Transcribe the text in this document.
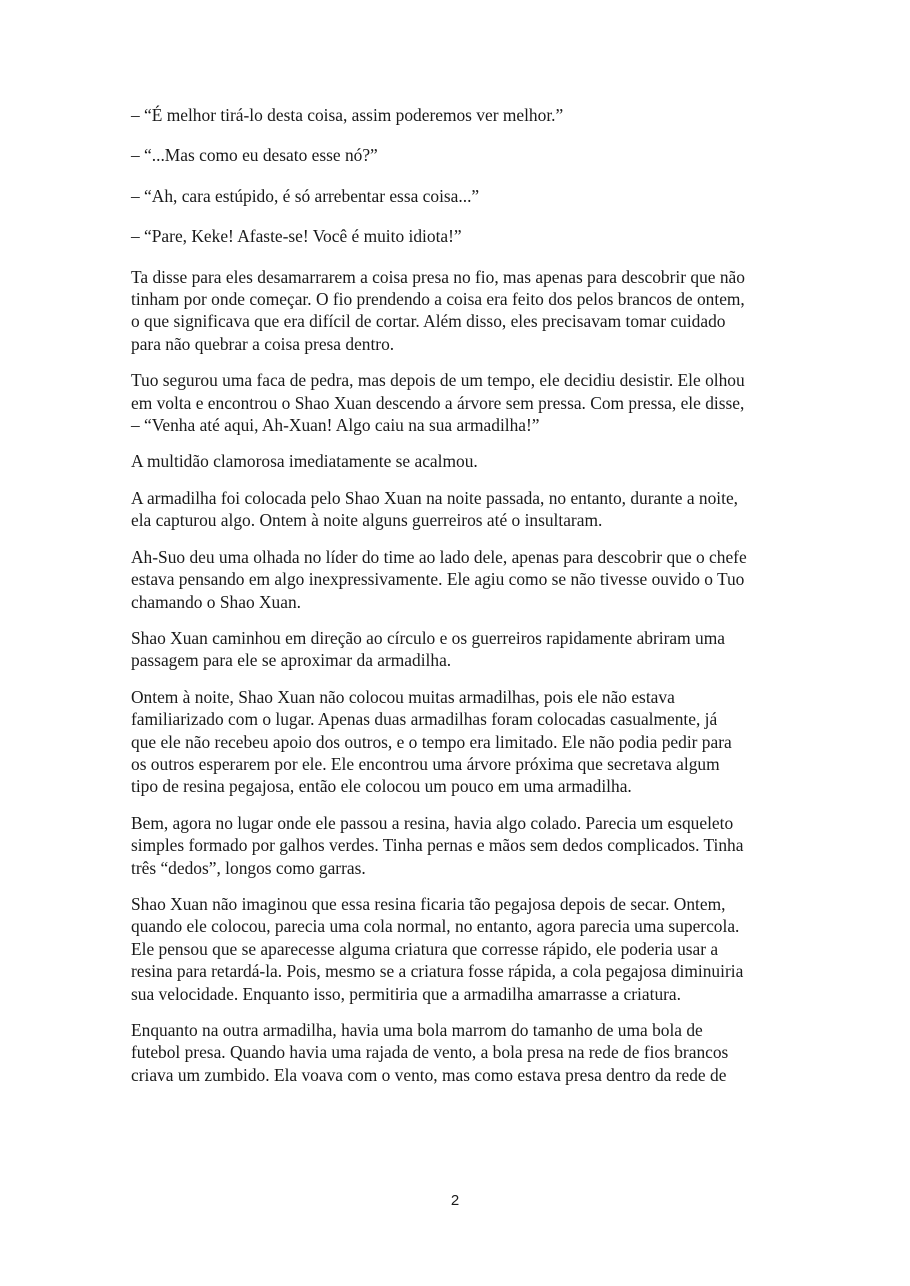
– “É melhor tirá-lo desta coisa, assim poderemos ver melhor.”

– “...Mas como eu desato esse nó?”

– “Ah, cara estúpido, é só arrebentar essa coisa...”

– “Pare, Keke! Afaste-se! Você é muito idiota!”

Ta disse para eles desamarrarem a coisa presa no fio, mas apenas para descobrir que não
tinham por onde começar. O fio prendendo a coisa era feito dos pelos brancos de ontem,
o que significava que era difícil de cortar. Além disso, eles precisavam tomar cuidado
para não quebrar a coisa presa dentro.

Tuo segurou uma faca de pedra, mas depois de um tempo, ele decidiu desistir. Ele olhou
em volta e encontrou o Shao Xuan descendo a árvore sem pressa. Com pressa, ele disse,
– “Venha até aqui, Ah-Xuan! Algo caiu na sua armadilha!”

A multidão clamorosa imediatamente se acalmou.

A armadilha foi colocada pelo Shao Xuan na noite passada, no entanto, durante a noite,
ela capturou algo. Ontem à noite alguns guerreiros até o insultaram.

Ah-Suo deu uma olhada no líder do time ao lado dele, apenas para descobrir que o chefe
estava pensando em algo inexpressivamente. Ele agiu como se não tivesse ouvido o Tuo
chamando o Shao Xuan.

Shao Xuan caminhou em direção ao círculo e os guerreiros rapidamente abriram uma
passagem para ele se aproximar da armadilha.

Ontem à noite, Shao Xuan não colocou muitas armadilhas, pois ele não estava
familiarizado com o lugar. Apenas duas armadilhas foram colocadas casualmente, já
que ele não recebeu apoio dos outros, e o tempo era limitado. Ele não podia pedir para
os outros esperarem por ele. Ele encontrou uma árvore próxima que secretava algum
tipo de resina pegajosa, então ele colocou um pouco em uma armadilha.

Bem, agora no lugar onde ele passou a resina, havia algo colado. Parecia um esqueleto
simples formado por galhos verdes. Tinha pernas e mãos sem dedos complicados. Tinha
três “dedos”, longos como garras.

Shao Xuan não imaginou que essa resina ficaria tão pegajosa depois de secar. Ontem,
quando ele colocou, parecia uma cola normal, no entanto, agora parecia uma supercola.
Ele pensou que se aparecesse alguma criatura que corresse rápido, ele poderia usar a
resina para retardá-la. Pois, mesmo se a criatura fosse rápida, a cola pegajosa diminuiria
sua velocidade. Enquanto isso, permitiria que a armadilha amarrasse a criatura.

Enquanto na outra armadilha, havia uma bola marrom do tamanho de uma bola de
futebol presa. Quando havia uma rajada de vento, a bola presa na rede de fios brancos
criava um zumbido. Ela voava com o vento, mas como estava presa dentro da rede de

2
